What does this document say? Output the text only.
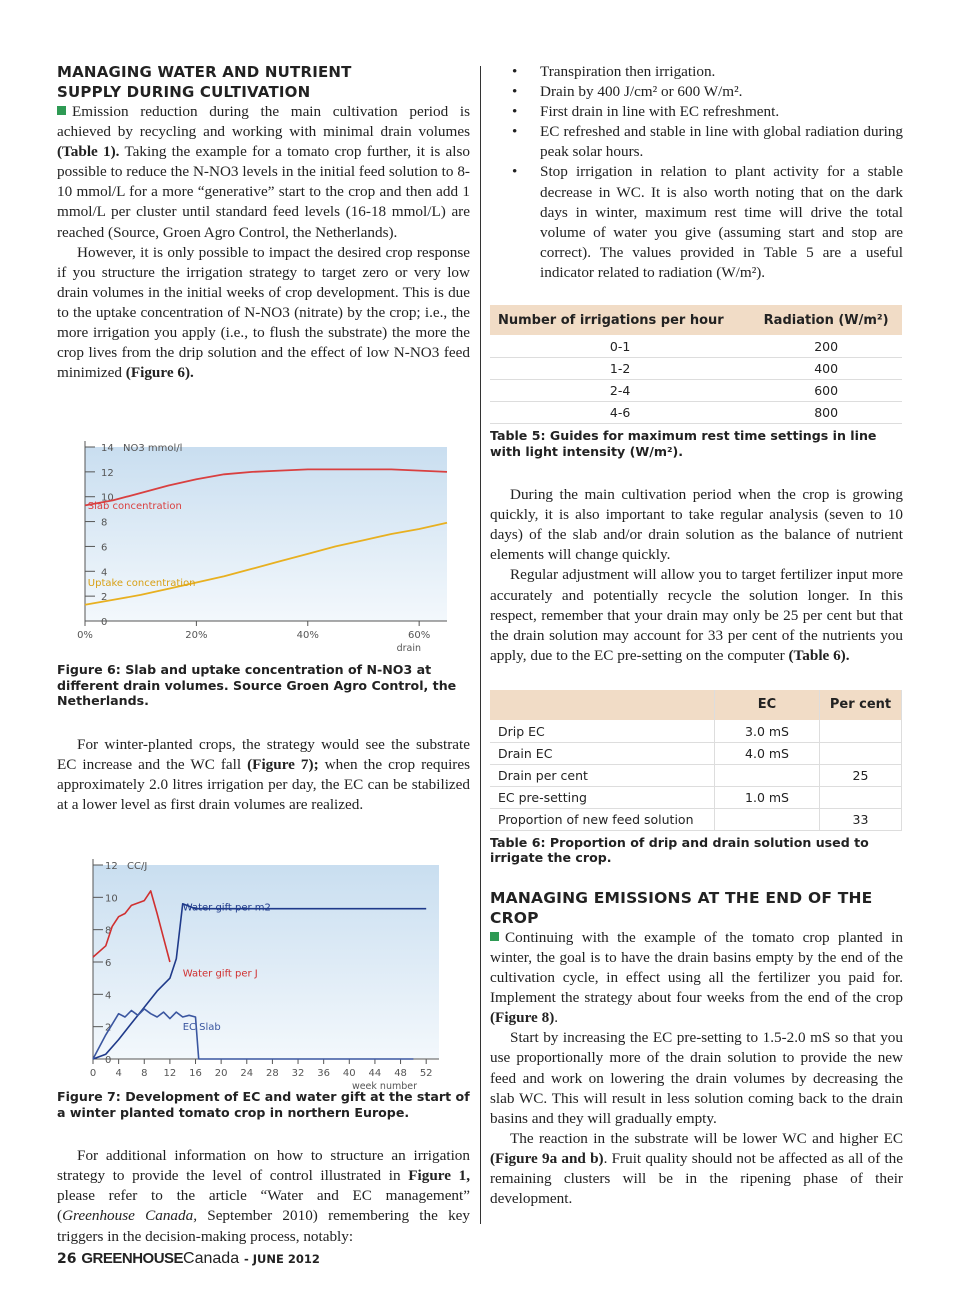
MANAGING WATER AND NUTRIENT
SUPPLY DURING CULTIVATION

Emission reduction during the main cultivation period is achieved by recycling and working with minimal drain volumes (Table 1). Taking the example for a tomato crop further, it is also possible to reduce the N-NO3 levels in the initial feed solution to 8-10 mmol/L for a more “generative” start to the crop and then add 1 mmol/L per cluster until standard feed levels (16-18 mmol/L) are reached (Source, Groen Agro Control, the Netherlands).

However, it is only possible to impact the desired crop response if you structure the irrigation strategy to target zero or very low drain volumes in the initial weeks of crop development. This is due to the uptake concentration of N-NO3 (nitrate) by the crop; i.e., the more irrigation you apply (i.e., to flush the substrate) the more the crop lives from the drip solution and the effect of low N-NO3 feed minimized (Figure 6).

0
2
4
6
8
10
12
14 NO3 mmol/l
0%	20%	40%	60%
drain
Slab concentration
Uptake concentration

Figure 6: Slab and uptake concentration of N-NO3 at different drain volumes. Source Groen Agro Control, the Netherlands.

For winter-planted crops, the strategy would see the substrate EC increase and the WC fall (Figure 7); when the crop requires approximately 2.0 litres irrigation per day, the EC can be stabilized at a lower level as first drain volumes are realized.

0
2
4
6
8
10
12 CC/J
0 4 8 12 16 20 24 28 32 36 40 44 48 52
week number
Water gift per m2
Water gift per J
EC Slab

Figure 7: Development of EC and water gift at the start of a winter planted tomato crop in northern Europe.

For additional information on how to structure an irrigation strategy to provide the level of control illustrated in Figure 1, please refer to the article “Water and EC management” (Greenhouse Canada, September 2010) remembering the key triggers in the decision-making process, notably:

• Transpiration then irrigation.
• Drain by 400 J/cm² or 600 W/m².
• First drain in line with EC refreshment.
• EC refreshed and stable in line with global radiation during peak solar hours.
• Stop irrigation in relation to plant activity for a stable decrease in WC. It is also worth noting that on the dark days in winter, maximum rest time will drive the total volume of water you give (assuming start and stop are correct). The values provided in Table 5 are a useful indicator related to radiation (W/m²).
Number of irrigations per hour	Radiation (W/m²)
0-1	200
1-2	400
2-4	600
4-6	800

Table 5: Guides for maximum rest time settings in line with light intensity (W/m²).

During the main cultivation period when the crop is growing quickly, it is also important to take regular analysis (seven to 10 days) of the slab and/or drain solution as the balance of nutrient elements will change quickly.

Regular adjustment will allow you to target fertilizer input more accurately and potentially recycle the solution longer. In this respect, remember that your drain may only be 25 per cent but that the drain solution may account for 33 per cent of the nutrients you apply, due to the EC pre-setting on the computer (Table 6).

	EC	Per cent
Drip EC	3.0 mS	
Drain EC	4.0 mS	
Drain per cent		25
EC pre-setting	1.0 mS	
Proportion of new feed solution		33

Table 6: Proportion of drip and drain solution used to irrigate the crop.

MANAGING EMISSIONS AT THE END OF THE CROP

Continuing with the example of the tomato crop planted in winter, the goal is to have the drain basins empty by the end of the cultivation cycle, in effect using all the fertilizer you paid for. Implement the strategy about four weeks from the end of the crop (Figure 8).

Start by increasing the EC pre-setting to 1.5-2.0 mS so that you use proportionally more of the drain solution to provide the new feed and work on lowering the drain volumes by decreasing the slab WC. This will result in less solution coming back to the drain basins and they will gradually empty.

The reaction in the substrate will be lower WC and higher EC (Figure 9a and b). Fruit quality should not be affected as all of the remaining clusters will be in the ripening phase of their development.

26 GREENHOUSECanada - JUNE 2012
